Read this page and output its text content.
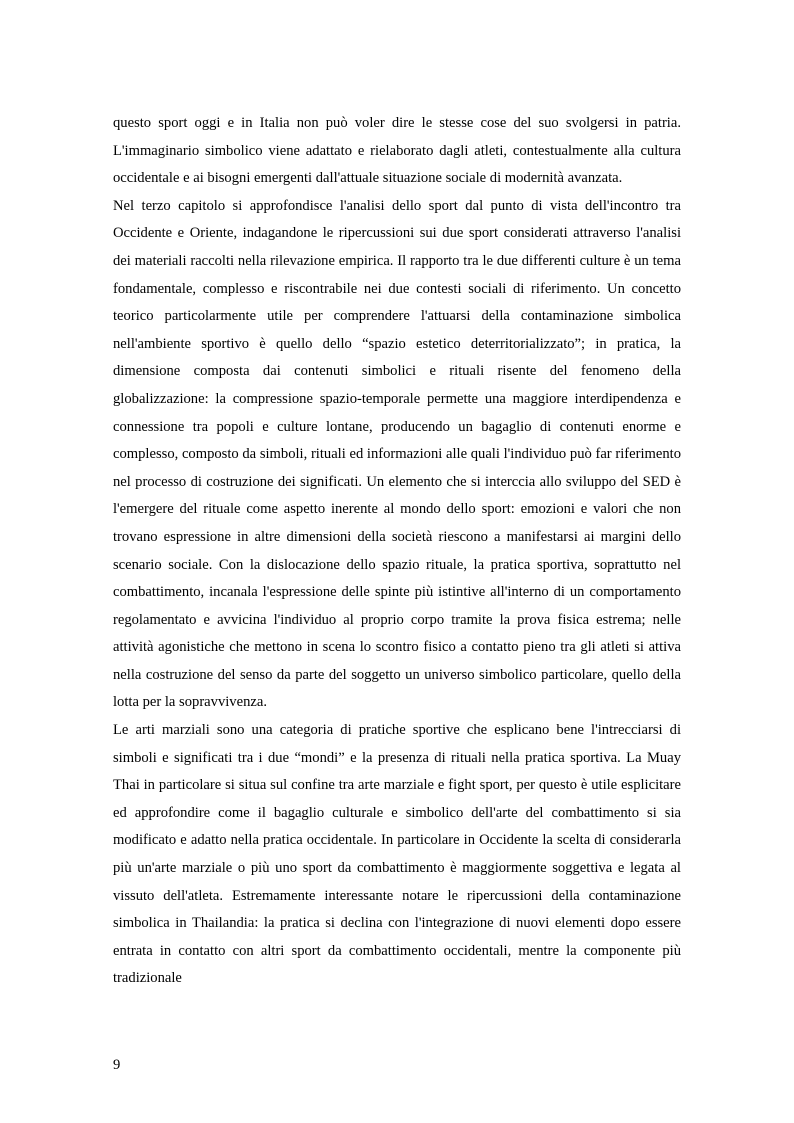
questo sport oggi e in Italia non può voler dire le stesse cose del suo svolgersi in patria. L'immaginario simbolico viene adattato e rielaborato dagli atleti, contestualmente alla cultura occidentale e ai bisogni emergenti dall'attuale situazione sociale di modernità avanzata.

Nel terzo capitolo si approfondisce l'analisi dello sport dal punto di vista dell'incontro tra Occidente e Oriente, indagandone le ripercussioni sui due sport considerati attraverso l'analisi dei materiali raccolti nella rilevazione empirica. Il rapporto tra le due differenti culture è un tema fondamentale, complesso e riscontrabile nei due contesti sociali di riferimento. Un concetto teorico particolarmente utile per comprendere l'attuarsi della contaminazione simbolica nell'ambiente sportivo è quello dello “spazio estetico deterritorializzato”; in pratica, la dimensione composta dai contenuti simbolici e rituali risente del fenomeno della globalizzazione: la compressione spazio-temporale permette una maggiore interdipendenza e connessione tra popoli e culture lontane, producendo un bagaglio di contenuti enorme e complesso, composto da simboli, rituali ed informazioni alle quali l'individuo può far riferimento nel processo di costruzione dei significati. Un elemento che si interccia allo sviluppo del SED è l'emergere del rituale come aspetto inerente al mondo dello sport: emozioni e valori che non trovano espressione in altre dimensioni della società riescono a manifestarsi ai margini dello scenario sociale. Con la dislocazione dello spazio rituale, la pratica sportiva, soprattutto nel combattimento, incanala l'espressione delle spinte più istintive all'interno di un comportamento regolamentato e avvicina l'individuo al proprio corpo tramite la prova fisica estrema; nelle attività agonistiche che mettono in scena lo scontro fisico a contatto pieno tra gli atleti si attiva nella costruzione del senso da parte del soggetto un universo simbolico particolare, quello della lotta per la sopravvivenza.

Le arti marziali sono una categoria di pratiche sportive che esplicano bene l'intrecciarsi di simboli e significati tra i due “mondi” e la presenza di rituali nella pratica sportiva. La Muay Thai in particolare si situa sul confine tra arte marziale e fight sport, per questo è utile esplicitare ed approfondire come il bagaglio culturale e simbolico dell'arte del combattimento si sia modificato e adatto nella pratica occidentale. In particolare in Occidente la scelta di considerarla più un'arte marziale o più uno sport da combattimento è maggiormente soggettiva e legata al vissuto dell'atleta. Estremamente interessante notare le ripercussioni della contaminazione simbolica in Thailandia: la pratica si declina con l'integrazione di nuovi elementi dopo essere entrata in contatto con altri sport da combattimento occidentali, mentre la componente più tradizionale

9
